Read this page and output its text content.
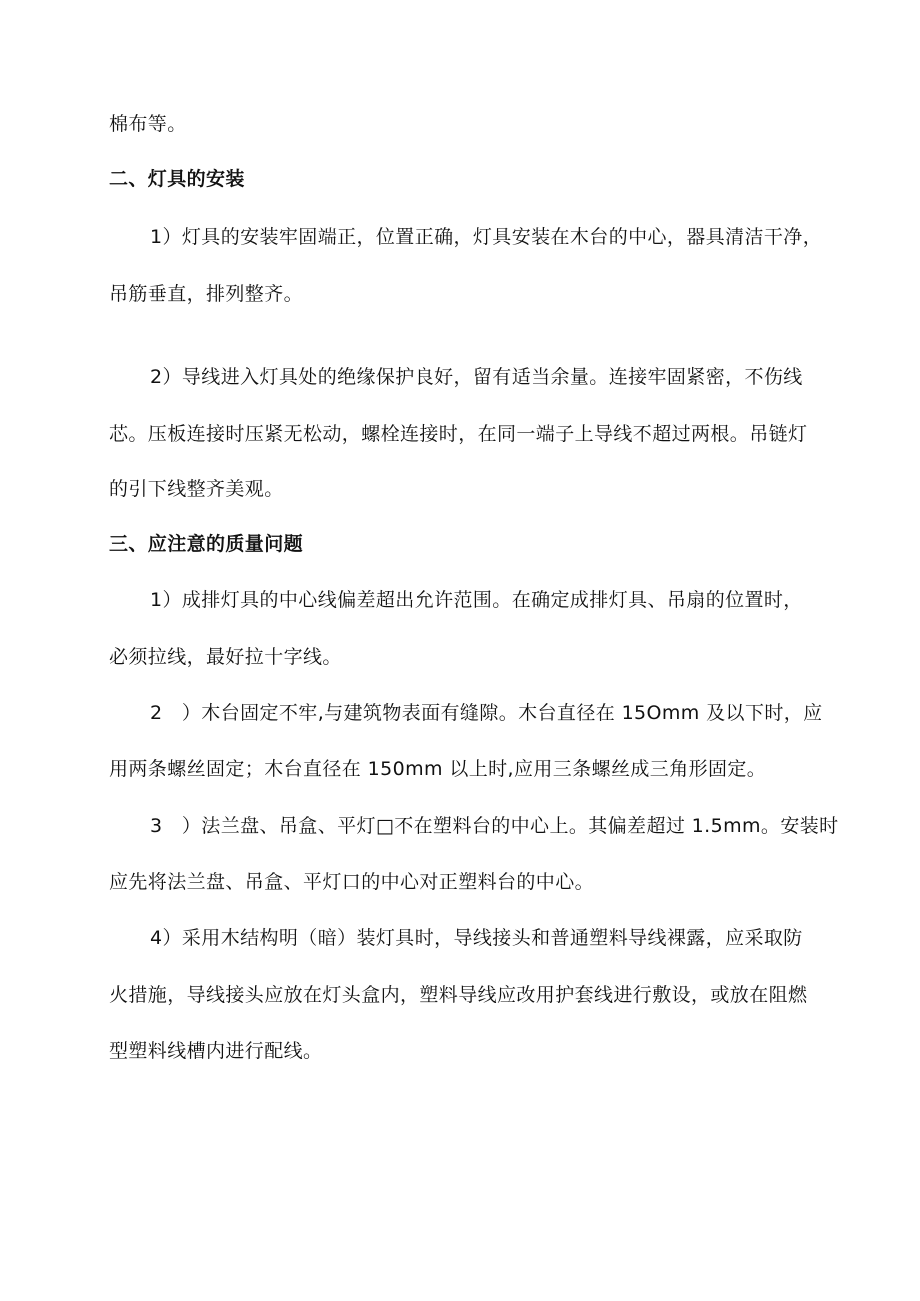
棉布等。
二、灯具的安装
1）灯具的安装牢固端正，位置正确，灯具安装在木台的中心，器具清洁干净，
吊筋垂直，排列整齐。
2）导线进入灯具处的绝缘保护良好，留有适当余量。连接牢固紧密，不伤线
芯。压板连接时压紧无松动，螺栓连接时，在同一端子上导线不超过两根。吊链灯
的引下线整齐美观。
三、应注意的质量问题
1）成排灯具的中心线偏差超出允许范围。在确定成排灯具、吊扇的位置时，
必须拉线，最好拉十字线。
2　）木台固定不牢,与建筑物表面有缝隙。木台直径在 15Omm 及以下时，应
用两条螺丝固定；木台直径在 150mm 以上时,应用三条螺丝成三角形固定。
3　）法兰盘、吊盒、平灯□不在塑料台的中心上。其偏差超过 1.5mm。安装时
应先将法兰盘、吊盒、平灯口的中心对正塑料台的中心。
4）采用木结构明（暗）装灯具时，导线接头和普通塑料导线裸露，应采取防
火措施，导线接头应放在灯头盒内，塑料导线应改用护套线进行敷设，或放在阻燃
型塑料线槽内进行配线。
